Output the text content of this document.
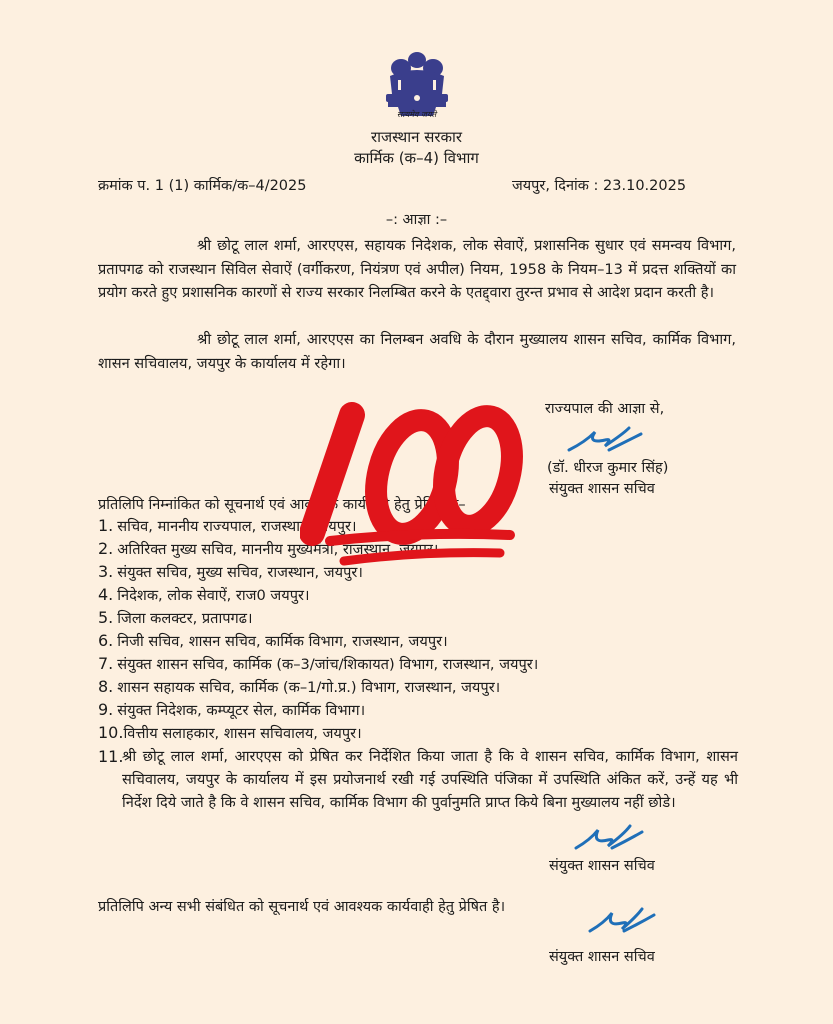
सत्यमेव जयते
राजस्थान सरकार
कार्मिक (क–4) विभाग
क्रमांक प. 1 (1) कार्मिक/क–4/2025	जयपुर, दिनांक : 23.10.2025
–: आज्ञा :–
श्री छोटू लाल शर्मा, आरएएस, सहायक निदेशक, लोक सेवाऐं, प्रशासनिक सुधार एवं समन्वय विभाग, प्रतापगढ को राजस्थान सिविल सेवाऐं (वर्गीकरण, नियंत्रण एवं अपील) नियम, 1958 के नियम–13 में प्रदत्त शक्तियों का प्रयोग करते हुए प्रशासनिक कारणों से राज्य सरकार निलम्बित करने के एतद्द्वारा तुरन्त प्रभाव से आदेश प्रदान करती है।
श्री छोटू लाल शर्मा, आरएएस का निलम्बन अवधि के दौरान मुख्यालय शासन सचिव, कार्मिक विभाग, शासन सचिवालय, जयपुर के कार्यालय में रहेगा।
राज्यपाल की आज्ञा से,
(डॉ. धीरज कुमार सिंह)
संयुक्त शासन सचिव
प्रतिलिपि निम्नांकित को सूचनार्थ एवं आवश्यक कार्यवाही हेतु प्रेषित हैः–
1. सचिव, माननीय राज्यपाल, राजस्थान, जयपुर।
2. अतिरिक्त मुख्य सचिव, माननीय मुख्यमंत्री, राजस्थान, जयपुर।
3. संयुक्त सचिव, मुख्य सचिव, राजस्थान, जयपुर।
4. निदेशक, लोक सेवाऐं, राज0 जयपुर।
5. जिला कलक्टर, प्रतापगढ।
6. निजी सचिव, शासन सचिव, कार्मिक विभाग, राजस्थान, जयपुर।
7. संयुक्त शासन सचिव, कार्मिक (क–3/जांच/शिकायत) विभाग, राजस्थान, जयपुर।
8. शासन सहायक सचिव, कार्मिक (क–1/गो.प्र.) विभाग, राजस्थान, जयपुर।
9. संयुक्त निदेशक, कम्प्यूटर सेल, कार्मिक विभाग।
10.वित्तीय सलाहकार, शासन सचिवालय, जयपुर।
11.
श्री छोटू लाल शर्मा, आरएएस को प्रेषित कर निर्देशित किया जाता है कि वे शासन सचिव, कार्मिक विभाग, शासन सचिवालय, जयपुर के कार्यालय में इस प्रयोजनार्थ रखी गई उपस्थिति पंजिका में उपस्थिति अंकित करें, उन्हें यह भी निर्देश दिये जाते है कि वे शासन सचिव, कार्मिक विभाग की पुर्वानुमति प्राप्त किये बिना मुख्यालय नहीं छोडे।
संयुक्त शासन सचिव
प्रतिलिपि अन्य सभी संबंधित को सूचनार्थ एवं आवश्यक कार्यवाही हेतु प्रेषित है।
संयुक्त शासन सचिव
